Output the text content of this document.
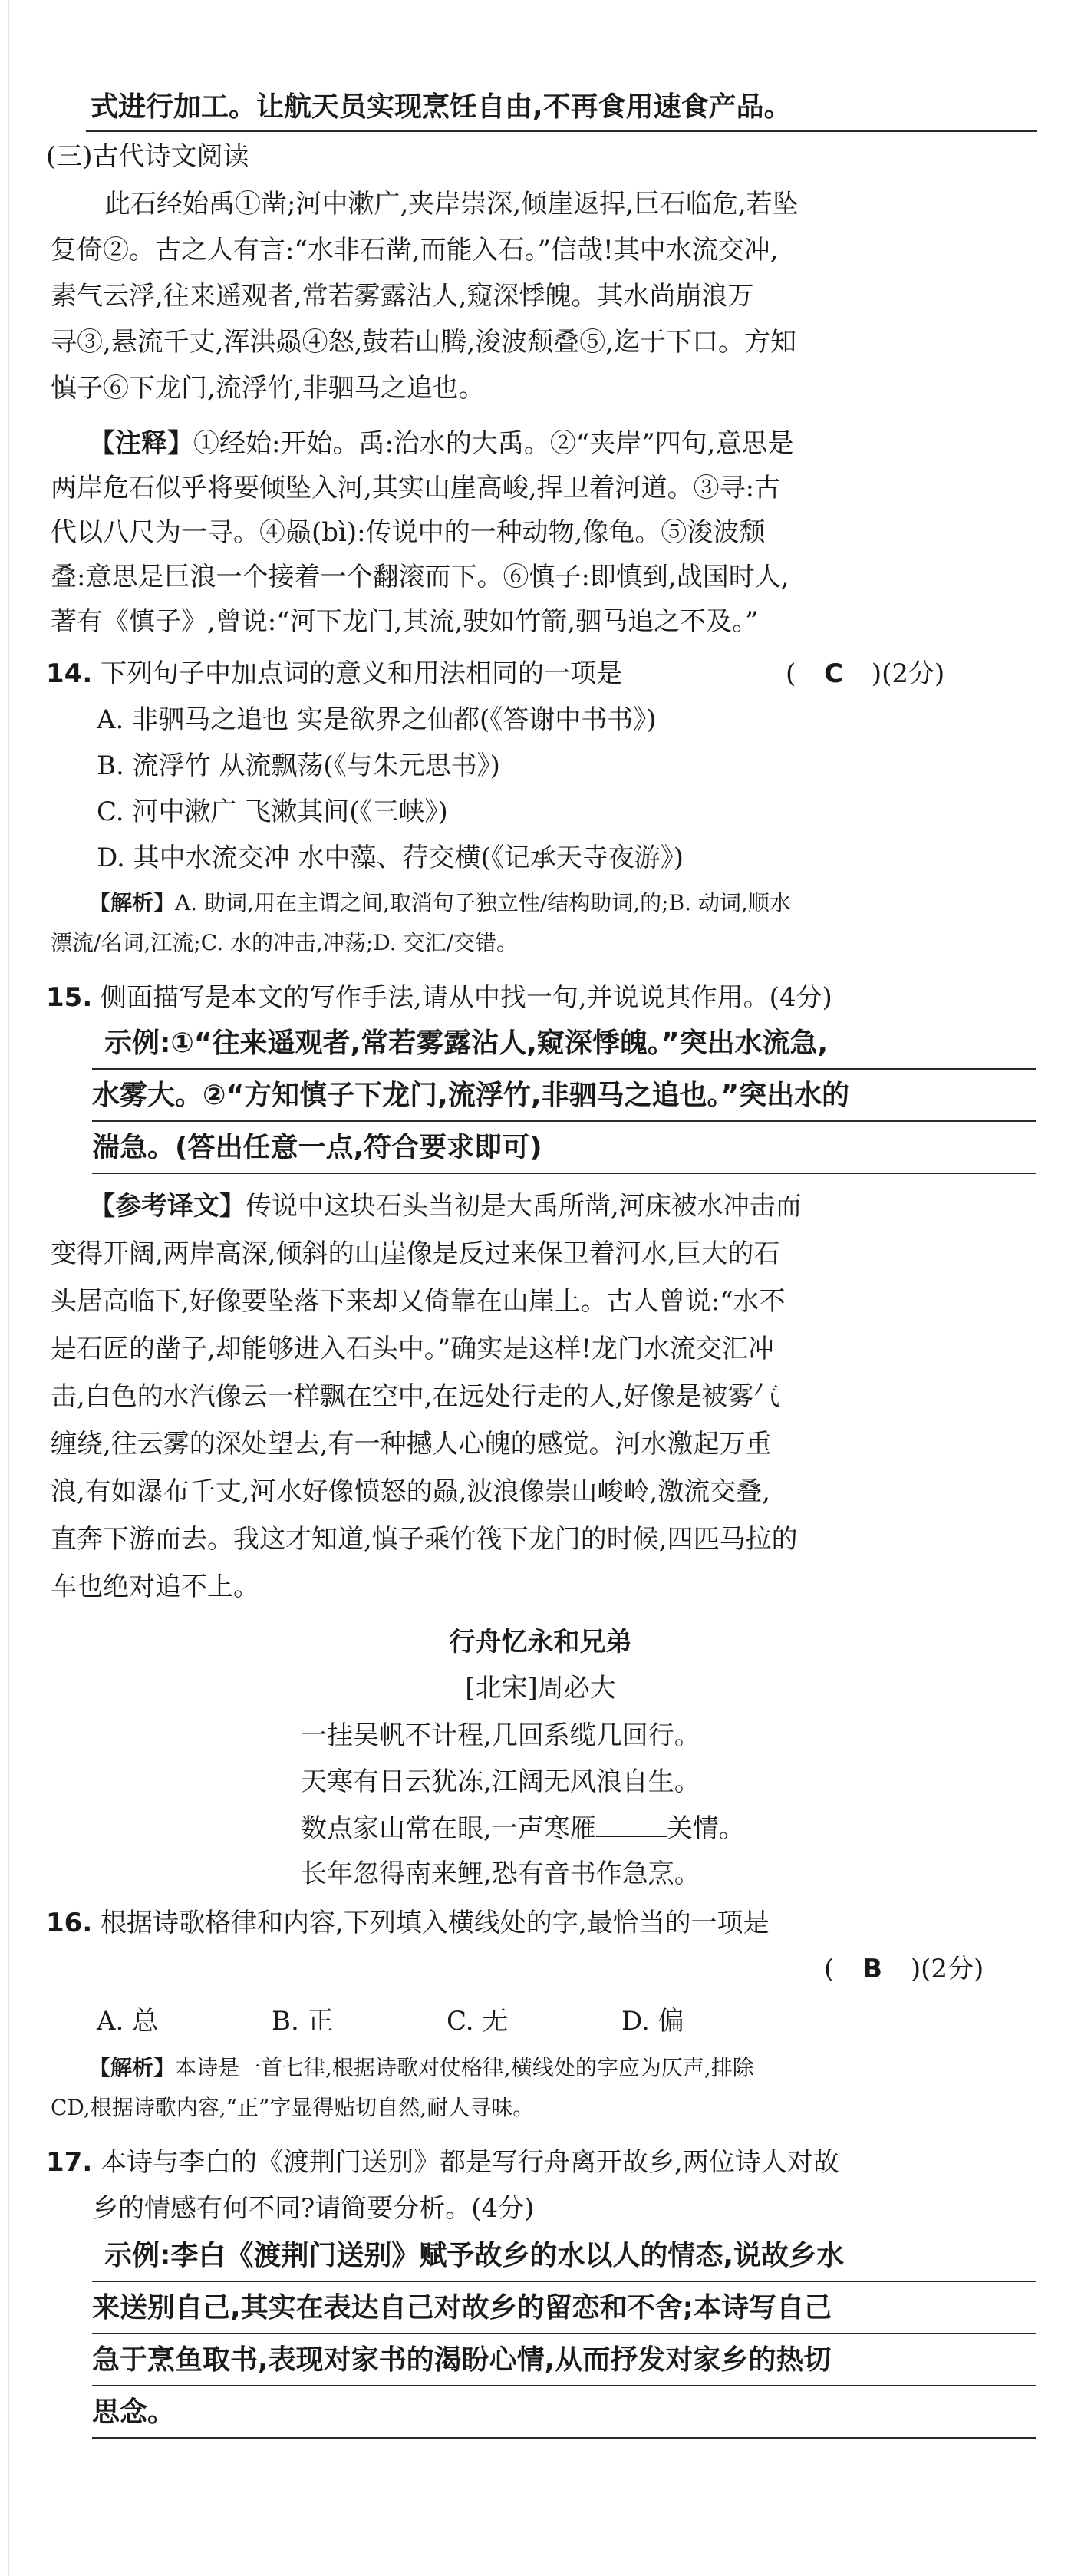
式进行加工。让航天员实现烹饪自由,不再食用速食产品。
(三)古代诗文阅读
此石经始禹①凿;河中漱广,夹岸崇深,倾崖返捍,巨石临危,若坠
复倚②。古之人有言:“水非石凿,而能入石。”信哉!其中水流交冲,
素气云浮,往来遥观者,常若雾露沾人,窥深悸魄。其水尚崩浪万
寻③,悬流千丈,浑洪赑④怒,鼓若山腾,浚波颓叠⑤,迄于下口。方知
慎子⑥下龙门,流浮竹,非驷马之追也。
【注释】①经始:开始。禹:治水的大禹。②“夹岸”四句,意思是
两岸危石似乎将要倾坠入河,其实山崖高峻,捍卫着河道。③寻:古
代以八尺为一寻。④赑(bì):传说中的一种动物,像龟。⑤浚波颓
叠:意思是巨浪一个接着一个翻滚而下。⑥慎子:即慎到,战国时人,
著有《慎子》,曾说:“河下龙门,其流,驶如竹箭,驷马追之不及。”
14. 下列句子中加点词的意义和用法相同的一项是	( C )(2分)
A. 非驷马之追也 实是欲界之仙都(《答谢中书书》)
B. 流浮竹 从流飘荡(《与朱元思书》)
C. 河中漱广 飞漱其间(《三峡》)
D. 其中水流交冲 水中藻、荇交横(《记承天寺夜游》)
【解析】A. 助词,用在主谓之间,取消句子独立性/结构助词,的;B. 动词,顺水
漂流/名词,江流;C. 水的冲击,冲荡;D. 交汇/交错。
15. 侧面描写是本文的写作手法,请从中找一句,并说说其作用。(4分)
示例:①“往来遥观者,常若雾露沾人,窥深悸魄。”突出水流急,
水雾大。②“方知慎子下龙门,流浮竹,非驷马之追也。”突出水的
湍急。(答出任意一点,符合要求即可)
【参考译文】传说中这块石头当初是大禹所凿,河床被水冲击而
变得开阔,两岸高深,倾斜的山崖像是反过来保卫着河水,巨大的石
头居高临下,好像要坠落下来却又倚靠在山崖上。古人曾说:“水不
是石匠的凿子,却能够进入石头中。”确实是这样!龙门水流交汇冲
击,白色的水汽像云一样飘在空中,在远处行走的人,好像是被雾气
缠绕,往云雾的深处望去,有一种撼人心魄的感觉。河水激起万重
浪,有如瀑布千丈,河水好像愤怒的赑,波浪像崇山峻岭,激流交叠,
直奔下游而去。我这才知道,慎子乘竹筏下龙门的时候,四匹马拉的
车也绝对追不上。
行舟忆永和兄弟
[北宋]周必大
一挂吴帆不计程,几回系缆几回行。
天寒有日云犹冻,江阔无风浪自生。
数点家山常在眼,一声寒雁	关情。
长年忽得南来鲤,恐有音书作急烹。
16. 根据诗歌格律和内容,下列填入横线处的字,最恰当的一项是
( B )(2分)
A. 总	B. 正	C. 无	D. 偏
【解析】本诗是一首七律,根据诗歌对仗格律,横线处的字应为仄声,排除
CD,根据诗歌内容,“正”字显得贴切自然,耐人寻味。
17. 本诗与李白的《渡荆门送别》都是写行舟离开故乡,两位诗人对故
乡的情感有何不同?请简要分析。(4分)
示例:李白《渡荆门送别》赋予故乡的水以人的情态,说故乡水
来送别自己,其实在表达自己对故乡的留恋和不舍;本诗写自己
急于烹鱼取书,表现对家书的渴盼心情,从而抒发对家乡的热切
思念。
